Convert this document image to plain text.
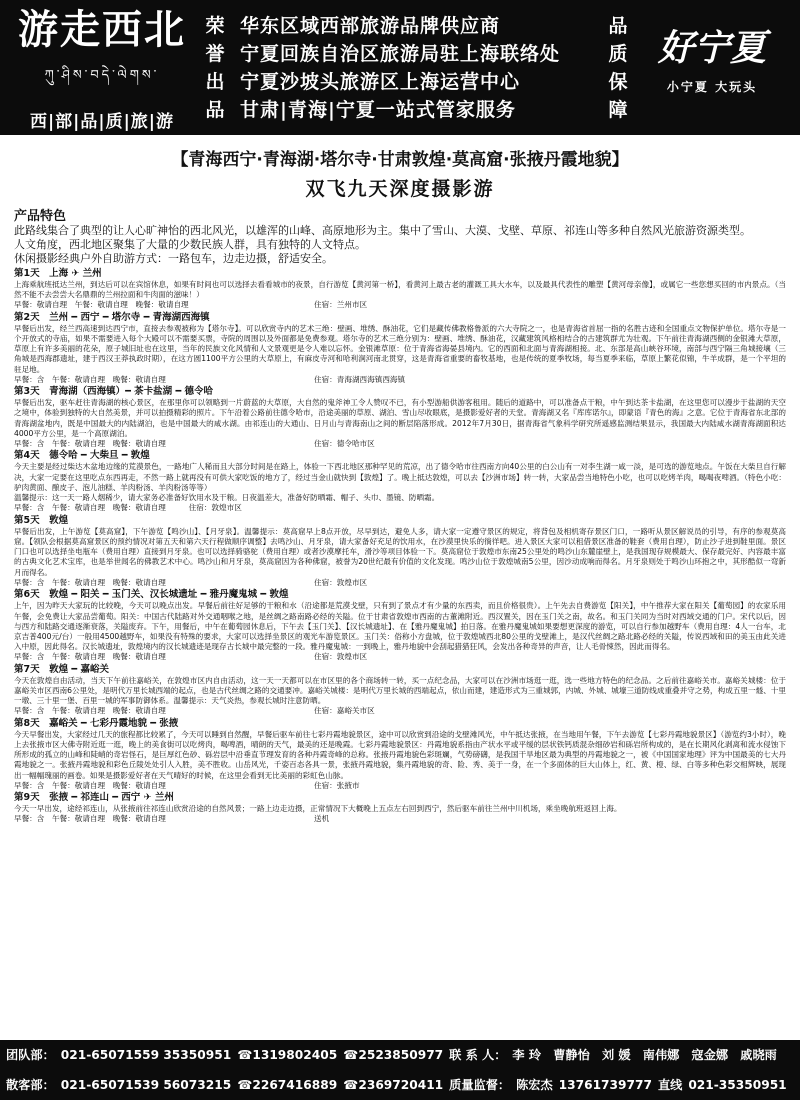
游走西北
ཀུ་ཤིས་བདེ་ལེགས་
西|部|品|质|旅|游
荣
誉
出
品
华东区域西部旅游品牌供应商
宁夏回族自治区旅游局驻上海联络处
宁夏沙坡头旅游区上海运营中心
甘肃|青海|宁夏一站式管家服务
品
质
保
障
好宁夏
小宁夏 大玩头
【青海西宁·青海湖·塔尔寺·甘肃敦煌·莫高窟·张掖丹霞地貌】
双飞九天深度摄影游
产品特色
此路线集合了典型的让人心旷神怡的西北风光，以雄浑的山峰、高原地形为主。集中了雪山、大漠、戈壁、草原、祁连山等多种自然风光旅游资源类型。
人文角度，西北地区聚集了大量的少数民族人群，具有独特的人文特点。
休闲摄影经典户外自助游方式：一路包车，边走边摄，舒适安全。
第1天　上海 ✈ 兰州
上海乘航班抵达兰州，到达后可以在宾馆休息，如果有时间也可以选择去看看城市的夜景，自行游览【黄河第一桥】，看黄河上最古老的灌溉工具大水车，以及最具代表性的雕塑【黄河母亲像】，或属它一些您想买回的市内景点。（当然不能不去尝尝大名鼎鼎的兰州拉面和牛肉面的滋味！）
早餐：敬请自理　午餐：敬请自理　晚餐：敬请自理	住宿：兰州市区
第2天　兰州 ━ 西宁 ━ 塔尔寺 ━ 青海湖西海镇
早餐后出发，经兰西高速到达西宁市，直接去参观被称为【塔尔寺】。可以欣赏寺内的艺术三绝：壁画、堆绣、酥油花，它们是藏传佛教格鲁派的六大寺院之一，也是青海省首屈一指的名胜古迹和全国重点文物保护单位。塔尔寺是一个开放式的寺庙，如果不需要进入每个大殿可以不需要买票，寺院的周围以及外面都是免费参观。塔尔寺的艺术三绝分别为：壁画、堆绣、酥油花，汉藏建筑风格相结合的古建筑群尤为壮观。下午前往青海湖西侧的金银滩大草原，草原上有许多美丽的花朵，原子城旧址也在这里，当年的民族文化风情和人文景观更是令人难以忘怀。金银滩草原：位于青海省海晏县境内。它的西面和北面与青海湖相接。北、东部是高山峡谷环境，南部与西宁隔三角城接壤（三角城是西海郡遗址，建于西汉王莽执政时期），在这方圆1100平方公里的大草原上，有麻皮寺河和哈利涧河南北贯穿，这是青海省重要的畜牧基地，也是传统的夏季牧场，每当夏季来临，草原上繁花似锦，牛羊成群，是一个平坦的驻足地。
早餐：含　午餐：敬请自理　晚餐：敬请自理	住宿：青海湖西海镇西海镇
第3天　青海湖（西海镇）━ 茶卡盐湖 ━ 德令哈
早餐后出发，驱车赶往青海湖的核心景区，在那里你可以领略到一片蔚蓝的大草原，大自然的鬼斧神工令人赞叹不已，有小型游船供游客租用。随后的道路中，可以准备点干粮，中午到达茶卡盐湖，在这里您可以漫步于盐湖的天空之境中，体验到独特的大自然美景，并可以拍摄精彩的照片。下午沿着公路前往德令哈市，沿途美丽的草原、湖泊、雪山尽收眼底，是摄影爱好者的天堂。青海湖又名『库库诺尔』，即蒙语『青色的海』之意。它位于青海省东北部的青海湖盆地内，既是中国最大的内陆湖泊，也是中国最大的咸水湖。由祁连山的大通山、日月山与青海南山之间的断层陷落形成。2012年7月30日，据青海省气象科学研究所遥感监测结果显示，我国最大内陆咸水湖青海湖面积达4000平方公里，是一个高原湖泊。
早餐：含　午餐：敬请自理　晚餐：敬请自理	住宿：德令哈市区
第4天　德令哈 ━ 大柴旦 ━ 敦煌
今天主要是经过柴达木盆地边缘的荒漠景色，一路地广人稀而且大部分时间是在路上，体验一下西北地区那种罕见的荒凉，出了德令哈市往西南方向40公里的白公山有一对李生湖一咸一淡，是可选的游览地点。午饭在大柴旦自行解决，大家一定要在这里吃点东西再走，不然一路上就再没有可供大家吃饭的地方了，经过当金山就快到【敦煌】了。晚上抵达敦煌，可以去【沙洲市场】转一转，大家品尝当地特色小吃，也可以吃烤羊肉，喝喝夜啤酒。（特色小吃：驴肉黄面、酿皮子、泡儿油糕、羊肉粉汤、羊肉粉汤等等）
温馨提示：这一天一路人烟稀少，请大家务必准备好饮用水及干粮。日夜温差大，准备好防晒霜、帽子、头巾、墨镜、防晒霜。
早餐：含　午餐：敬请自理　晚餐：敬请自理　　　住宿：敦煌市区
第5天　敦煌
早餐后出发，上午游览【莫高窟】，下午游览【鸣沙山】、【月牙泉】。温馨提示：莫高窟早上8点开放，尽早到达，避免人多，请大家一定遵守景区的规定，将背包及相机寄存景区门口，一路听从景区解说员的引导，有序的参观莫高窟。【领队会根据莫高窟景区的预约情况对第五天和第六天行程做顺序调整】去鸣沙山、月牙泉，请大家备好充足的饮用水，在沙漠里快乐的徜徉吧。进入景区大家可以租借景区准备的鞋套（费用自理），防止沙子进到鞋里面。景区门口也可以选择坐电瓶车（费用自理）直接到月牙泉。也可以选择骑骆驼（费用自理）或者沙漠摩托车，滑沙等项目体验一下。莫高窟位于敦煌市东南25公里处的鸣沙山东麓崖壁上，是我国现存规模最大、保存最完好、内容最丰富的古典文化艺术宝库，也是举世闻名的佛教艺术中心。鸣沙山和月牙泉，莫高窟因为各种佛窟，被誉为20世纪最有价值的文化发现。鸣沙山位于敦煌城南5公里，因沙动成响而得名。月牙泉则处于鸣沙山环抱之中，其形酷似一弯新月而得名。
早餐：含　午餐：敬请自理　晚餐：敬请自理	住宿：敦煌市区
第6天　敦煌 ━ 阳关 ━ 玉门关、汉长城遗址 ━ 雅丹魔鬼城 ━ 敦煌
上午，因为昨天大家玩的比较晚，今天可以晚点出发。早餐后前往好足够的干粮和水（沿途都是荒漠戈壁，只有到了景点才有少量的东西卖，而且价格很贵）。上午先去自费游览【阳关】，中午推荐大家在阳关【葡萄园】的农家乐用午餐，会免费让大家品尝葡萄。阳关：中国古代陆路对外交通咽喉之地，是丝绸之路南路必经的关隘。位于甘肃省敦煌市西南的古董滩附近。西汉置关，因在玉门关之南，故名。和玉门关同为当时对西域交通的门户。宋代以后，因与西方和陆路交通逐渐衰落，关隘废弃。下午，用餐后，中午在葡萄园休息后，下午去【玉门关】、【汉长城遗址】、在【雅丹魔鬼城】拍日落。在雅丹魔鬼城如果要想更深度的游览，可以自行参加越野车（费用自理：4人一台车，北京吉普400元/台）一般用4500越野车，如果没有特殊的要求，大家可以选择坐景区的观光车游览景区。玉门关：俗称小方盘城，位于敦煌城西北80公里的戈壁滩上，是汉代丝绸之路北路必经的关隘，传说西域和田的美玉由此关进入中原，因此得名。汉长城遗址，敦煌境内的汉长城遗迹是现存古长城中最完整的一段。雅丹魔鬼城：一到晚上，雅丹地貌中会刮起猎猎狂风，会发出各种奇异的声音，让人毛骨悚然，因此而得名。
早餐：含　午餐：敬请自理　晚餐：敬请自理	住宿：敦煌市区
第7天　敦煌 ━ 嘉峪关
今天在敦煌自由活动，当天下午前往嘉峪关，在敦煌市区内自由活动，这一天一天都可以在市区里的各个商场转一转，买一点纪念品，大家可以在沙洲市场逛一逛，选一些地方特色的纪念品。之后前往嘉峪关市。嘉峪关城楼：位于嘉峪关市区西南6公里处，是明代万里长城西端的起点，也是古代丝绸之路的交通要冲。嘉峪关城楼：是明代万里长城的西端起点，依山而建，建造形式为三重城郭，内城、外城、城壕三道防线成重叠并守之势，构成五里一燧、十里一墩、三十里一堡、百里一城的军事防御体系。温馨提示：天气炎热，参观长城时注意防晒。
早餐：含　午餐：敬请自理　晚餐：敬请自理	住宿：嘉峪关市区
第8天　嘉峪关 ━ 七彩丹霞地貌 ━ 张掖
今天早餐出发，大家经过几天的旅程都比较累了，今天可以睡到自然醒，早餐后驱车前往七彩丹霞地貌景区，途中可以欣赏到沿途的戈壁滩风光，中午抵达张掖，在当地用午餐，下午去游览【七彩丹霞地貌景区】（游览约3小时），晚上去张掖市区大佛寺附近逛一逛，晚上的美食街可以吃烤肉，喝啤酒，晴朗的天气，最美的还是晚霞。七彩丹霞地貌景区：丹霞地貌系指由产状水平或平缓的层状铁钙质混杂细砂岩和砾岩所构成的，是在长期风化剥离和流水侵蚀下所形成的孤立的山峰和陡峭的奇岩怪石，是巨厚红色砂、砾岩层中沿垂直节理发育的各种丹霞奇峰的总称。张掖丹霞地貌色彩斑斓，气势磅礴，是我国干旱地区最为典型的丹霞地貌之一，被《中国国家地理》评为中国最美的七大丹霞地貌之一。张掖丹霞地貌和彩色丘陵处处引人入胜，美不胜收。山岳风光，千姿百态各具一景，张掖丹霞地貌，集丹霞地貌的奇、险、秀、美于一身，在一个多面体的巨大山体上，红、黄、橙、绿、白等多种色彩交相辉映，展现出一幅幅瑰丽的画卷。如果是摄影爱好者在天气晴好的时候，在这里会看到无比美丽的彩虹色山脉。
早餐：含　午餐：敬请自理　晚餐：敬请自理	住宿：张掖市
第9天　张掖 ━ 祁连山 ━ 西宁 ✈ 兰州
今天一早出发，途经祁连山，从张掖前往祁连山欣赏沿途的自然风景；一路上边走边摄，正常情况下大概晚上五点左右回到西宁，然后驱车前往兰州中川机场，乘坐晚航班返回上海。
早餐：含　午餐：敬请自理　晚餐：敬请自理	送机
团队部： 021-65071559 35350951 ☎1319802405 ☎2523850977 联 系 人： 李 玲　曹静怡　刘 媛　南伟娜　寇金娜　戚晓雨
散客部： 021-65071539 56073215 ☎2267416889 ☎2369720411 质量监督： 陈宏杰 13761739777 直线 021-35350951
